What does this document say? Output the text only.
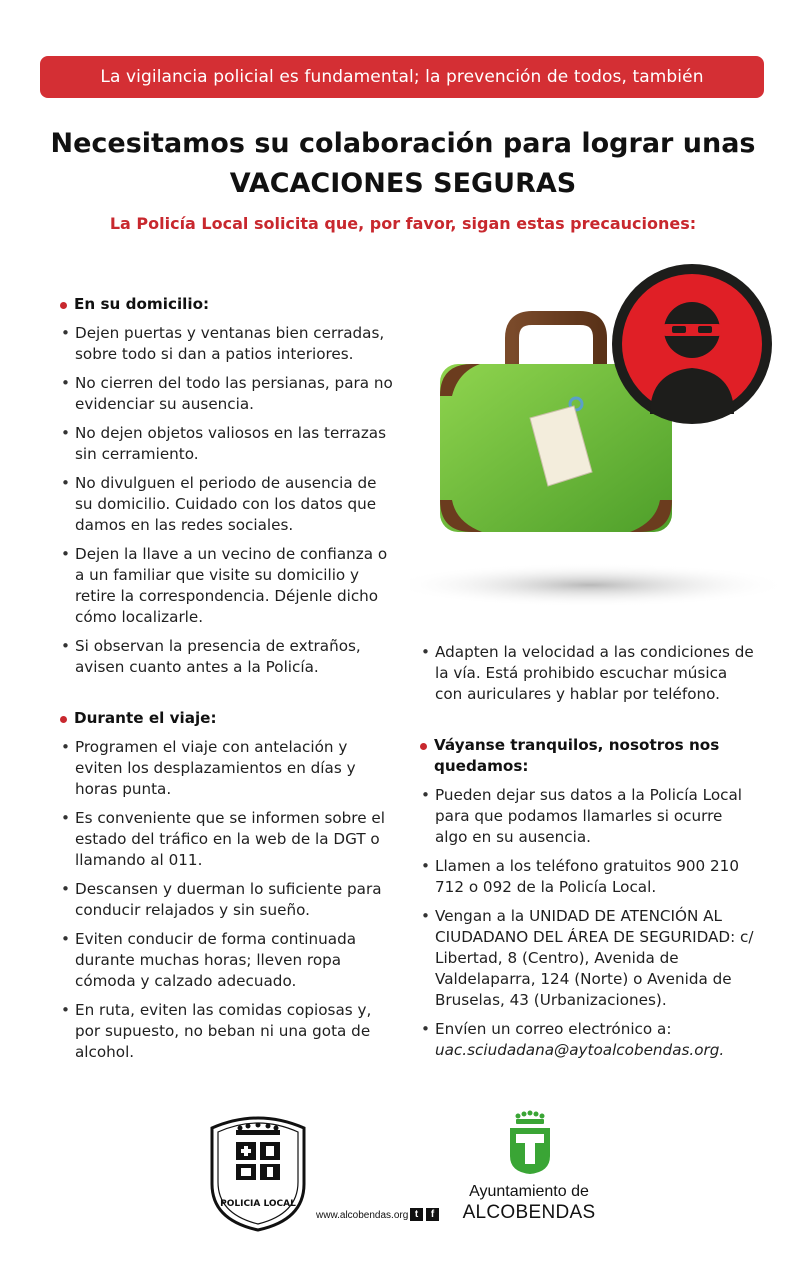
La vigilancia policial es fundamental; la prevención de todos, también
Necesitamos su colaboración para lograr unas
VACACIONES SEGURAS
La Policía Local solicita que, por favor, sigan estas precauciones:
En su domicilio:
• Dejen puertas y ventanas bien cerradas, sobre todo si dan a patios interiores.
• No cierren del todo las persianas, para no evidenciar su ausencia.
• No dejen objetos valiosos en las terrazas sin cerramiento.
• No divulguen el periodo de ausencia de su domicilio. Cuidado con los datos que damos en las redes sociales.
• Dejen la llave a un vecino de confianza o a un familiar que visite su domicilio y retire la correspondencia. Déjenle dicho cómo localizarle.
• Si observan la presencia de extraños, avisen cuanto antes a la Policía.
Durante el viaje:
• Programen el viaje con antelación y eviten los desplazamientos en días y horas punta.
• Es conveniente que se informen sobre el estado del tráfico en la web de la DGT o llamando al 011.
• Descansen y duerman lo suficiente para conducir relajados y sin sueño.
• Eviten conducir de forma continuada durante muchas horas; lleven ropa cómoda y calzado adecuado.
• En ruta, eviten las comidas copiosas y, por supuesto, no beban ni una gota de alcohol.
• Adapten la velocidad a las condiciones de la vía. Está prohibido escuchar música con auriculares y hablar por teléfono.
Váyanse tranquilos, nosotros nos quedamos:
• Pueden dejar sus datos a la Policía Local para que podamos llamarles si ocurre algo en su ausencia.
• Llamen a los teléfono gratuitos 900 210 712 o 092 de la Policía Local.
• Vengan a la UNIDAD DE ATENCIÓN AL CIUDADANO DEL ÁREA DE SEGURIDAD: c/ Libertad, 8 (Centro), Avenida de Valdelaparra, 124 (Norte) o Avenida de Bruselas, 43 (Urbanizaciones).
• Envíen un correo electrónico a:
uac.sciudadana@aytoalcobendas.org.
POLICIA LOCAL
www.alcobendas.org t	f
Ayuntamiento de
ALCOBENDAS
